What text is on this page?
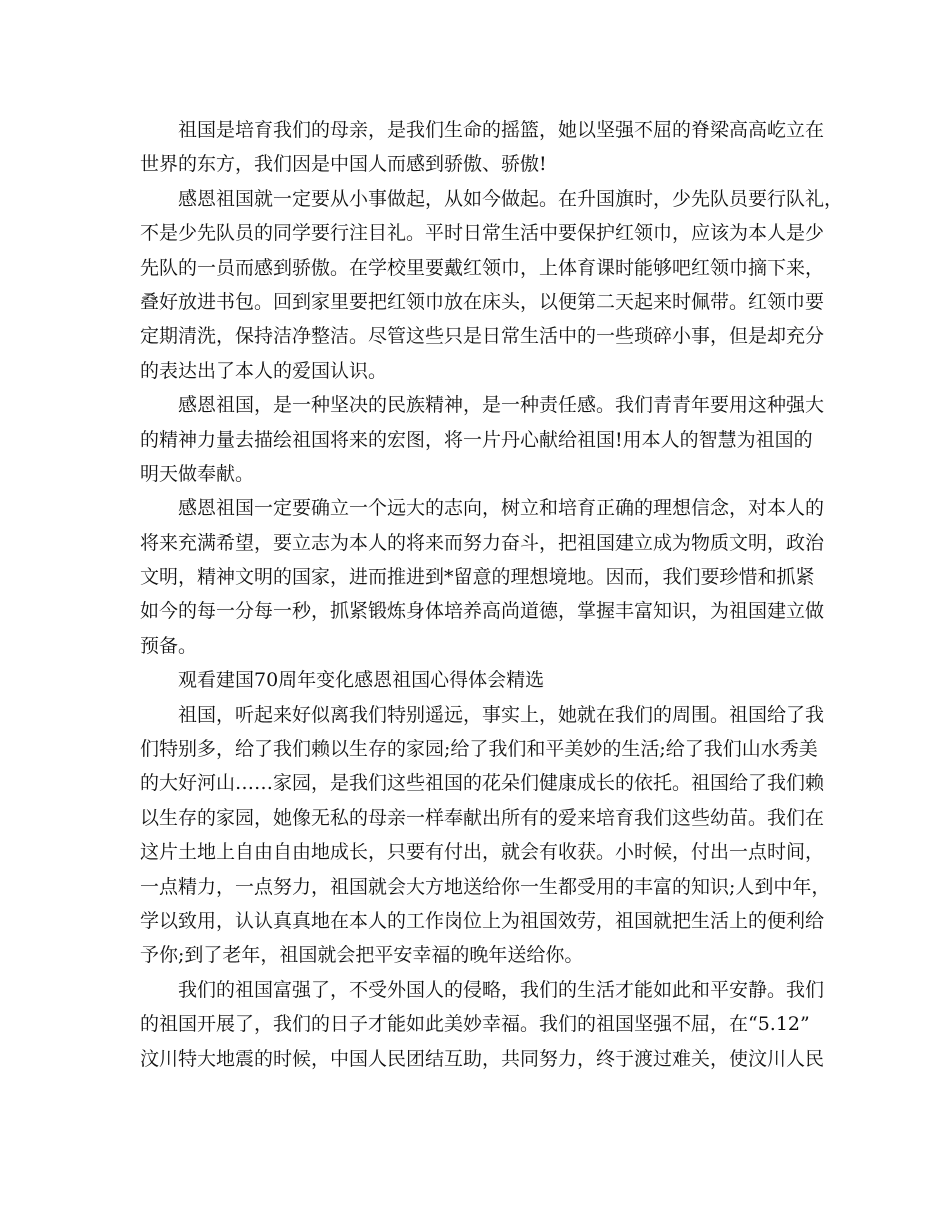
祖国是培育我们的母亲，是我们生命的摇篮，她以坚强不屈的脊梁高高屹立在
世界的东方，我们因是中国人而感到骄傲、骄傲!
感恩祖国就一定要从小事做起，从如今做起。在升国旗时，少先队员要行队礼，
不是少先队员的同学要行注目礼。平时日常生活中要保护红领巾，应该为本人是少
先队的一员而感到骄傲。在学校里要戴红领巾，上体育课时能够吧红领巾摘下来，
叠好放进书包。回到家里要把红领巾放在床头，以便第二天起来时佩带。红领巾要
定期清洗，保持洁净整洁。尽管这些只是日常生活中的一些琐碎小事，但是却充分
的表达出了本人的爱国认识。
感恩祖国，是一种坚决的民族精神，是一种责任感。我们青青年要用这种强大
的精神力量去描绘祖国将来的宏图，将一片丹心献给祖国!用本人的智慧为祖国的
明天做奉献。
感恩祖国一定要确立一个远大的志向，树立和培育正确的理想信念，对本人的
将来充满希望，要立志为本人的将来而努力奋斗，把祖国建立成为物质文明，政治
文明，精神文明的国家，进而推进到*留意的理想境地。因而，我们要珍惜和抓紧
如今的每一分每一秒，抓紧锻炼身体培养高尚道德，掌握丰富知识，为祖国建立做
预备。
观看建国70周年变化感恩祖国心得体会精选
祖国，听起来好似离我们特别遥远，事实上，她就在我们的周围。祖国给了我
们特别多，给了我们赖以生存的家园;给了我们和平美妙的生活;给了我们山水秀美
的大好河山……家园，是我们这些祖国的花朵们健康成长的依托。祖国给了我们赖
以生存的家园，她像无私的母亲一样奉献出所有的爱来培育我们这些幼苗。我们在
这片土地上自由自由地成长，只要有付出，就会有收获。小时候，付出一点时间，
一点精力，一点努力，祖国就会大方地送给你一生都受用的丰富的知识;人到中年，
学以致用，认认真真地在本人的工作岗位上为祖国效劳，祖国就把生活上的便利给
予你;到了老年，祖国就会把平安幸福的晚年送给你。
我们的祖国富强了，不受外国人的侵略，我们的生活才能如此和平安静。我们
的祖国开展了，我们的日子才能如此美妙幸福。我们的祖国坚强不屈，在“5.12”
汶川特大地震的时候，中国人民团结互助，共同努力，终于渡过难关，使汶川人民
